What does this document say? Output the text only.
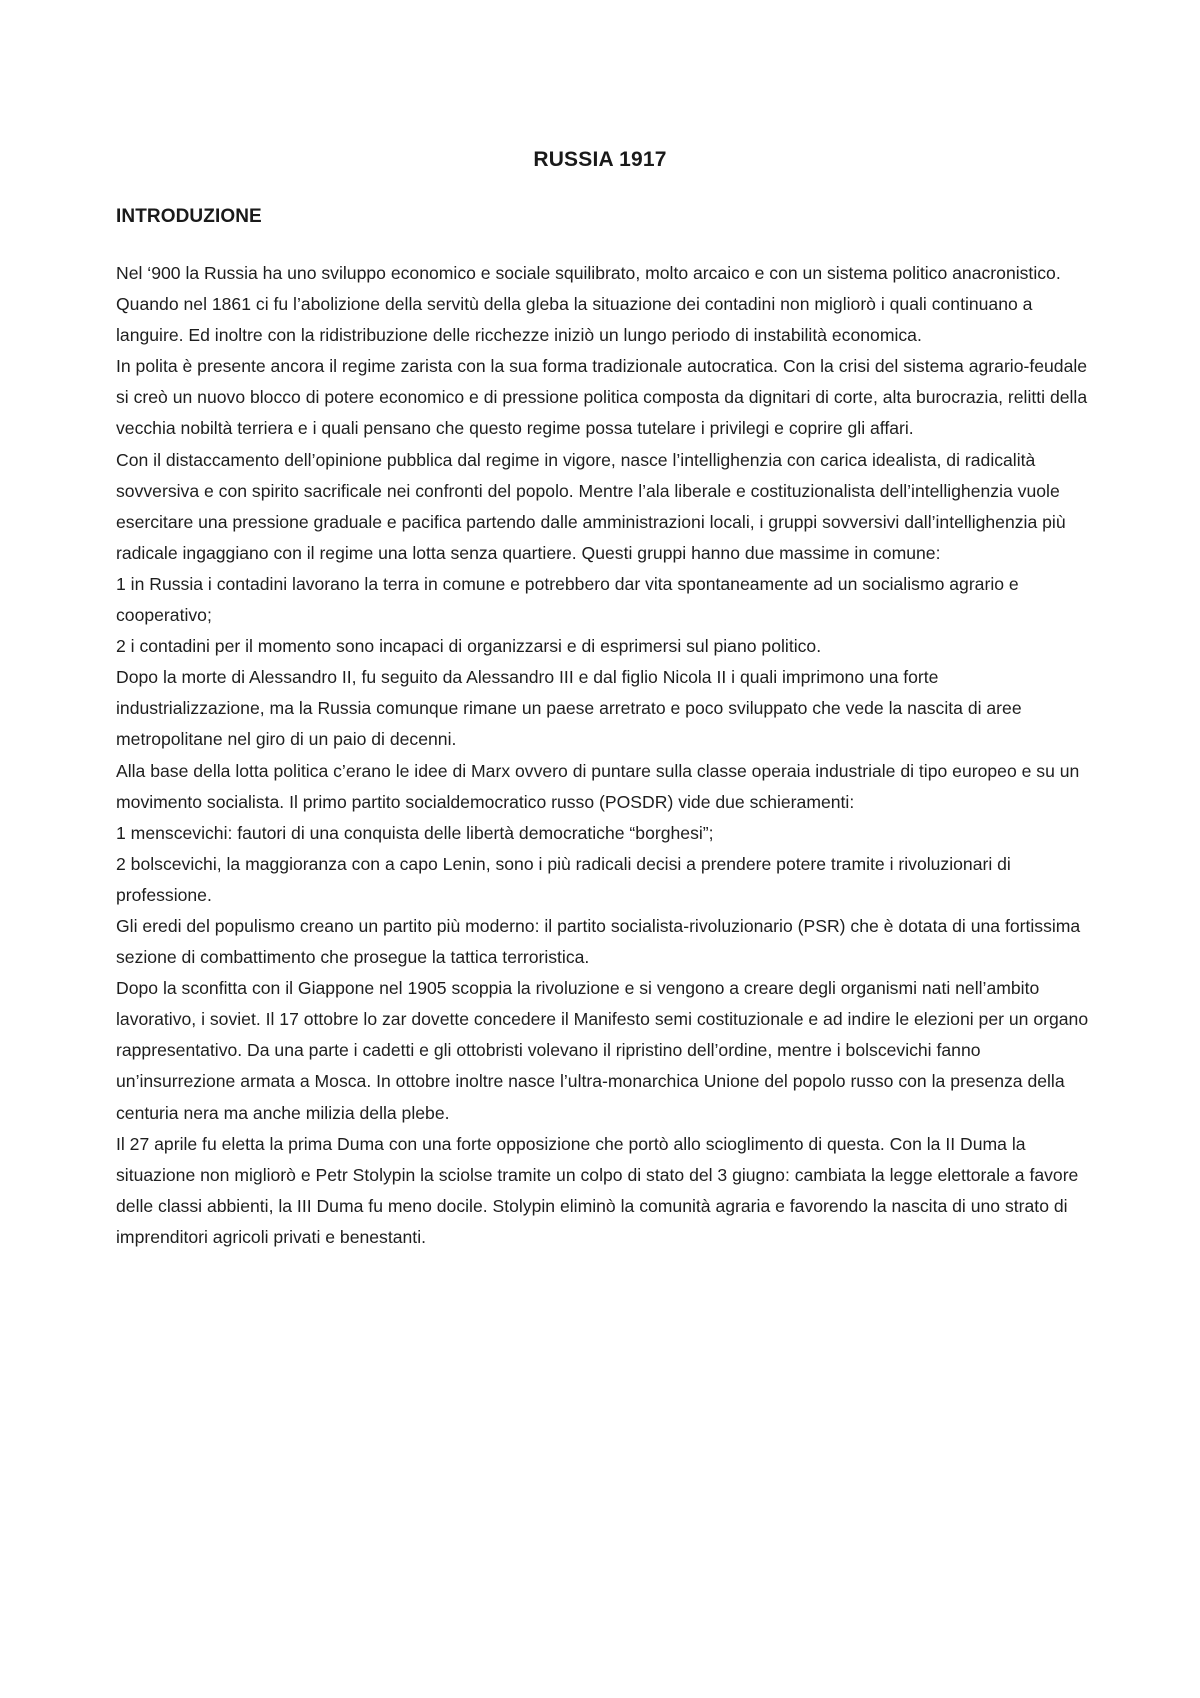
RUSSIA 1917
INTRODUZIONE

Nel ‘900 la Russia ha uno sviluppo economico e sociale squilibrato, molto arcaico e con un sistema politico anacronistico.

Quando nel 1861 ci fu l’abolizione della servitù della gleba la situazione dei contadini non migliorò i quali continuano a languire. Ed inoltre con la ridistribuzione delle ricchezze iniziò un lungo periodo di instabilità economica.

In polita è presente ancora il regime zarista con la sua forma tradizionale autocratica. Con la crisi del sistema agrario-feudale si creò un nuovo blocco di potere economico e di pressione politica composta da dignitari di corte, alta burocrazia, relitti della vecchia nobiltà terriera e i quali pensano che questo regime possa tutelare i privilegi e coprire gli affari.

Con il distaccamento dell’opinione pubblica dal regime in vigore, nasce l’intellighenzia con carica idealista, di radicalità sovversiva e con spirito sacrificale nei confronti del popolo. Mentre l’ala liberale e costituzionalista dell’intellighenzia vuole esercitare una pressione graduale e pacifica partendo dalle amministrazioni locali, i gruppi sovversivi dall’intellighenzia più radicale ingaggiano con il regime una lotta senza quartiere. Questi gruppi hanno due massime in comune:

1 in Russia i contadini lavorano la terra in comune e potrebbero dar vita spontaneamente ad un socialismo agrario e cooperativo;

2 i contadini per il momento sono incapaci di organizzarsi e di esprimersi sul piano politico.

Dopo la morte di Alessandro II, fu seguito da Alessandro III e dal figlio Nicola II i quali imprimono una forte industrializzazione, ma la Russia comunque rimane un paese arretrato e poco sviluppato che vede la nascita di aree metropolitane nel giro di un paio di decenni.

Alla base della lotta politica c’erano le idee di Marx ovvero di puntare sulla classe operaia industriale di tipo europeo e su un movimento socialista. Il primo partito socialdemocratico russo (POSDR) vide due schieramenti:

1 menscevichi: fautori di una conquista delle libertà democratiche “borghesi”;

2 bolscevichi, la maggioranza con a capo Lenin, sono i più radicali decisi a prendere potere tramite i rivoluzionari di professione.

Gli eredi del populismo creano un partito più moderno: il partito socialista-rivoluzionario (PSR) che è dotata di una fortissima sezione di combattimento che prosegue la tattica terroristica.

Dopo la sconfitta con il Giappone nel 1905 scoppia la rivoluzione e si vengono a creare degli organismi nati nell’ambito lavorativo, i soviet. Il 17 ottobre lo zar dovette concedere il Manifesto semi costituzionale e ad indire le elezioni per un organo rappresentativo. Da una parte i cadetti e gli ottobristi volevano il ripristino dell’ordine, mentre i bolscevichi fanno un’insurrezione armata a Mosca. In ottobre inoltre nasce l’ultra-monarchica Unione del popolo russo con la presenza della centuria nera ma anche milizia della plebe.

Il 27 aprile fu eletta la prima Duma con una forte opposizione che portò allo scioglimento di questa. Con la II Duma la situazione non migliorò e Petr Stolypin la sciolse tramite un colpo di stato del 3 giugno: cambiata la legge elettorale a favore delle classi abbienti, la III Duma fu meno docile. Stolypin eliminò la comunità agraria e favorendo la nascita di uno strato di imprenditori agricoli privati e benestanti.
